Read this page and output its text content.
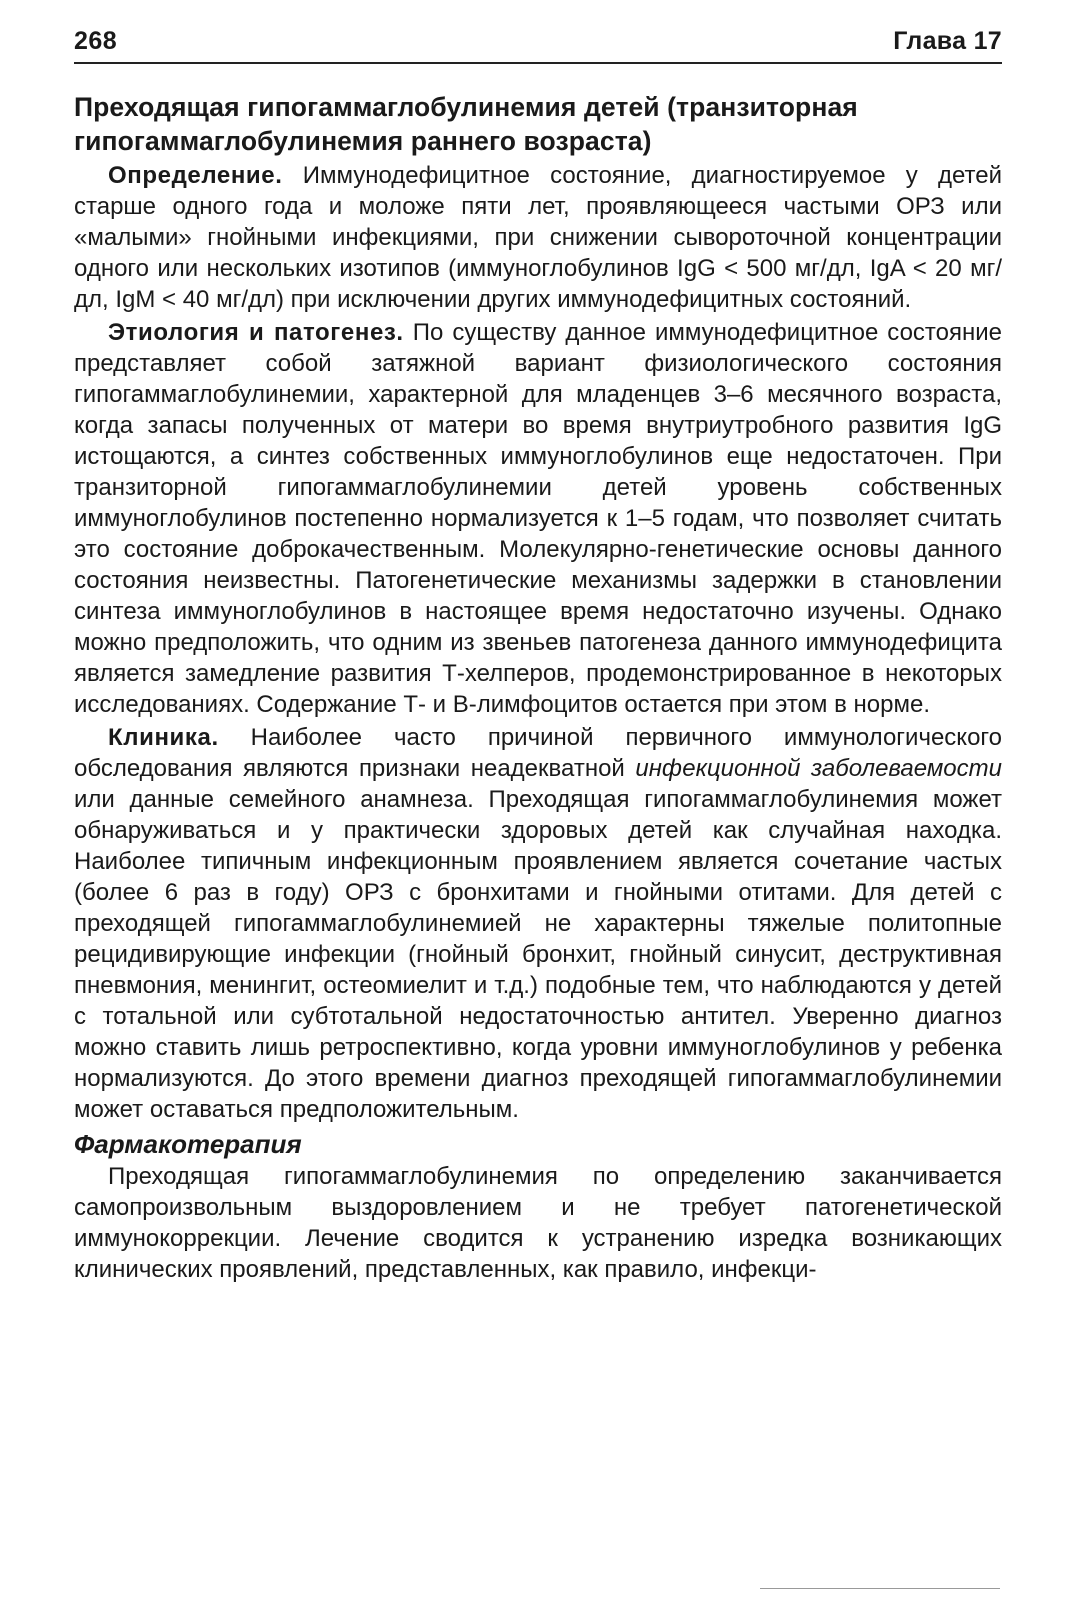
268	Глава 17
Преходящая гипогаммаглобулинемия детей (транзиторная гипогаммаглобулинемия раннего возраста)

Определение. Иммунодефицитное состояние, диагностируемое у детей старше одного года и моложе пяти лет, проявляющееся частыми ОРЗ или «малыми» гнойными инфекциями, при снижении сывороточной концентрации одного или нескольких изотипов (иммуноглобулинов IgG < 500 мг/дл, IgA < 20 мг/дл, IgM < 40 мг/дл) при исключении других иммунодефицитных состояний.

Этиология и патогенез. По существу данное иммунодефицитное состояние представляет собой затяжной вариант физиологического состояния гипогаммаглобулинемии, характерной для младенцев 3–6 месячного возраста, когда запасы полученных от матери во время внутриутробного развития IgG истощаются, а синтез собственных иммуноглобулинов еще недостаточен. При транзиторной гипогаммаглобулинемии детей уровень собственных иммуноглобулинов постепенно нормализуется к 1–5 годам, что позволяет считать это состояние доброкачественным. Молекулярно-генетические основы данного состояния неизвестны. Патогенетические механизмы задержки в становлении синтеза иммуноглобулинов в настоящее время недостаточно изучены. Однако можно предположить, что одним из звеньев патогенеза данного иммунодефицита является замедление развития Т-хелперов, продемонстрированное в некоторых исследованиях. Содержание Т- и В-лимфоцитов остается при этом в норме.

Клиника. Наиболее часто причиной первичного иммунологического обследования являются признаки неадекватной инфекционной заболеваемости или данные семейного анамнеза. Преходящая гипогаммаглобулинемия может обнаруживаться и у практически здоровых детей как случайная находка. Наиболее типичным инфекционным проявлением является сочетание частых (более 6 раз в году) ОРЗ с бронхитами и гнойными отитами. Для детей с преходящей гипогаммаглобулинемией не характерны тяжелые политопные рецидивирующие инфекции (гнойный бронхит, гнойный синусит, деструктивная пневмония, менингит, остеомиелит и т.д.) подобные тем, что наблюдаются у детей с тотальной или субтотальной недостаточностью антител. Уверенно диагноз можно ставить лишь ретроспективно, когда уровни иммуноглобулинов у ребенка нормализуются. До этого времени диагноз преходящей гипогаммаглобулинемии может оставаться предположительным.

Фармакотерапия

Преходящая гипогаммаглобулинемия по определению заканчивается самопроизвольным выздоровлением и не требует патогенетической иммунокоррекции. Лечение сводится к устранению изредка возникающих клинических проявлений, представленных, как правило, инфекци-
